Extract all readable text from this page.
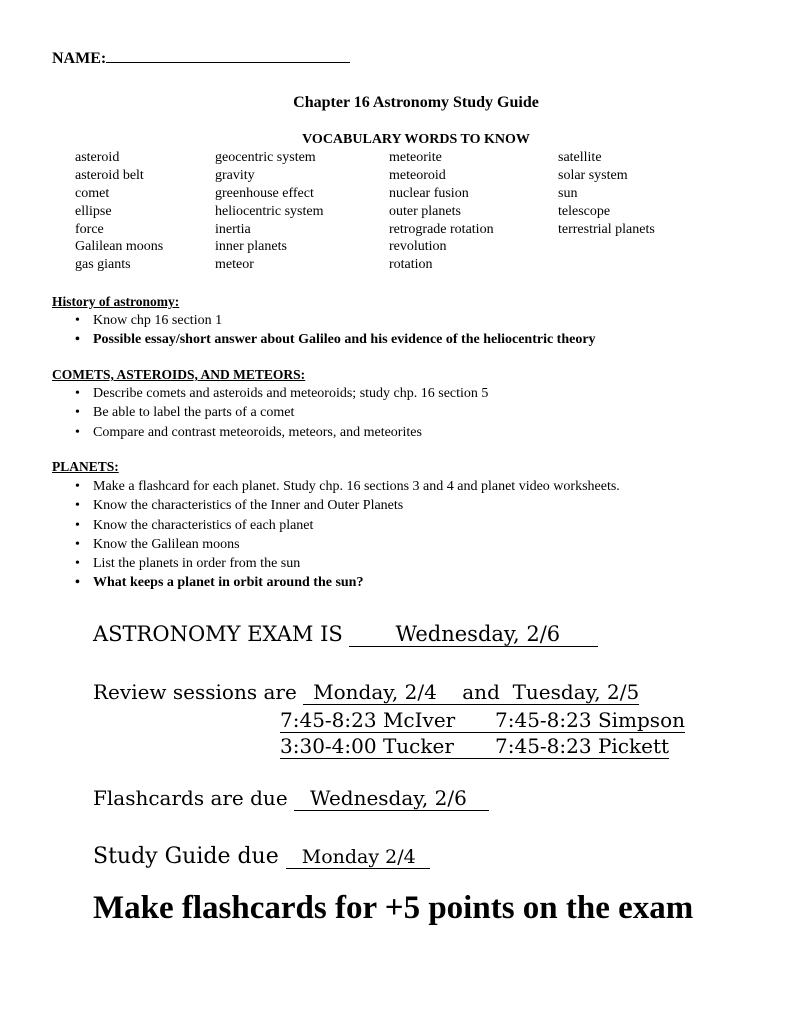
NAME:
Chapter 16 Astronomy Study Guide
VOCABULARY WORDS TO KNOW
asteroid
asteroid belt
comet
ellipse
force
Galilean moons
gas giants
geocentric system
gravity
greenhouse effect
heliocentric system
inertia
inner planets
meteor
meteorite
meteoroid
nuclear fusion
outer planets
retrograde rotation
revolution
rotation
satellite
solar system
sun
telescope
terrestrial planets
History of astronomy:
• Know chp 16 section 1
• Possible essay/short answer about Galileo and his evidence of the heliocentric theory
COMETS, ASTEROIDS, AND METEORS:
• Describe comets and asteroids and meteoroids; study chp. 16 section 5
• Be able to label the parts of a comet
• Compare and contrast meteoroids, meteors, and meteorites
PLANETS:
• Make a flashcard for each planet. Study chp. 16 sections 3 and 4 and planet video worksheets.
• Know the characteristics of the Inner and Outer Planets
• Know the characteristics of each planet
• Know the Galilean moons
• List the planets in order from the sun
• What keeps a planet in orbit around the sun?
ASTRONOMY EXAM IS	Wednesday, 2/6
Review sessions are Monday, 2/4    and  Tuesday, 2/5
7:45-8:23 McIver 7:45-8:23 Simpson
3:30-4:00 Tucker 7:45-8:23 Pickett
Flashcards are due Wednesday, 2/6
Study Guide due Monday 2/4
Make flashcards for +5 points on the exam
